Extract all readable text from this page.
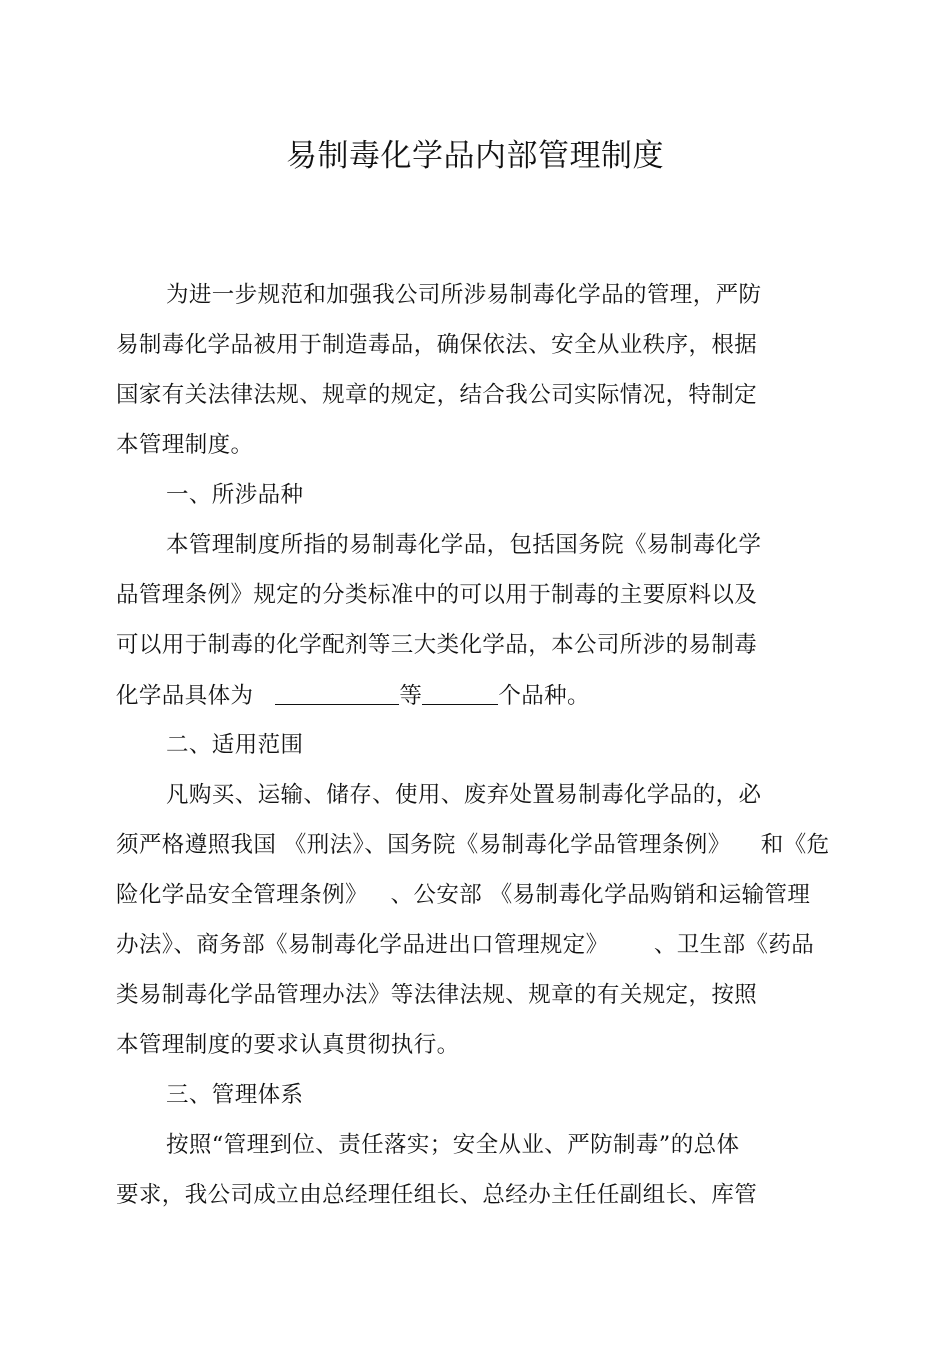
易制毒化学品内部管理制度
为进一步规范和加强我公司所涉易制毒化学品的管理，严防
易制毒化学品被用于制造毒品，确保依法、安全从业秩序，根据
国家有关法律法规、规章的规定，结合我公司实际情况，特制定
本管理制度。
一、所涉品种
本管理制度所指的易制毒化学品，包括国务院《易制毒化学
品管理条例》规定的分类标准中的可以用于制毒的主要原料以及
可以用于制毒的化学配剂等三大类化学品，本公司所涉的易制毒
化学品具体为	等	个品种。
二、适用范围
凡购买、运输、储存、使用、废弃处置易制毒化学品的，必
须严格遵照我国 《刑法》、国务院《易制毒化学品管理条例》    和《危
险化学品安全管理条例》   、公安部 《易制毒化学品购销和运输管理
办法》、商务部《易制毒化学品进出口管理规定》      、卫生部《药品
类易制毒化学品管理办法》等法律法规、规章的有关规定，按照
本管理制度的要求认真贯彻执行。
三、管理体系
按照“管理到位、责任落实；安全从业、严防制毒”的总体
要求，我公司成立由总经理任组长、总经办主任任副组长、库管
